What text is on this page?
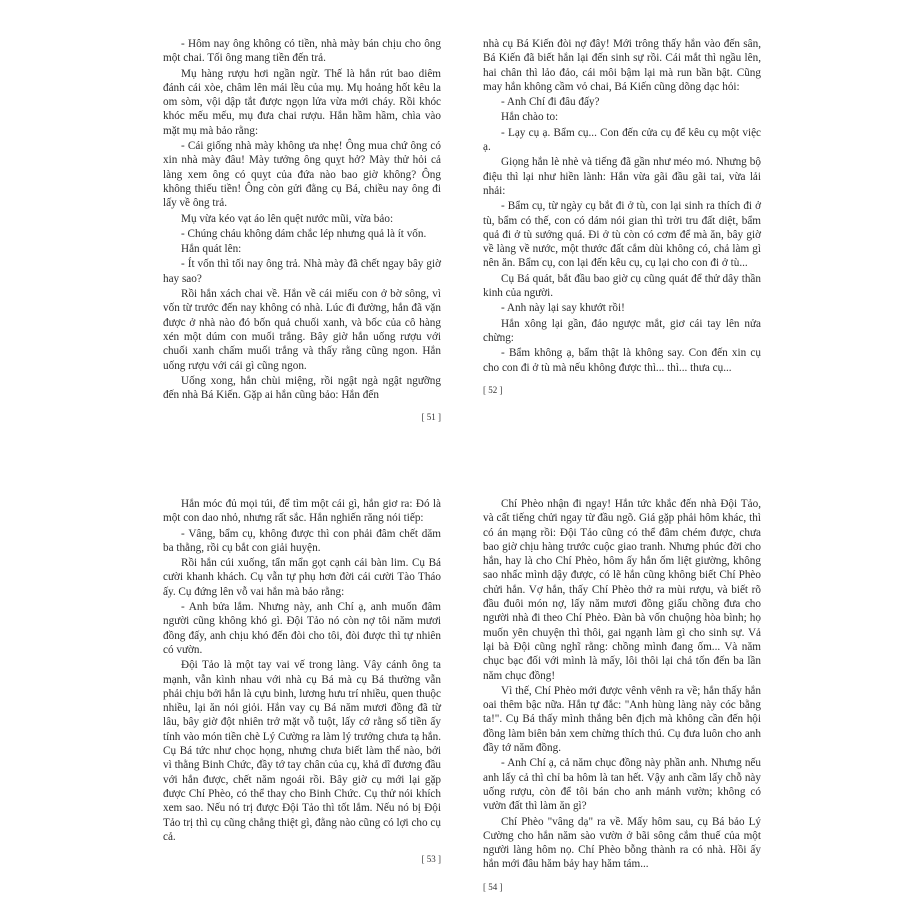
- Hôm nay ông không có tiền, nhà mày bán chịu cho ông một chai. Tối ông mang tiền đến trả.

Mụ hàng rượu hơi ngần ngừ. Thế là hắn rút bao diêm đánh cái xòe, châm lên mái lều của mụ. Mụ hoảng hốt kêu la om sòm, vội dập tắt được ngọn lửa vừa mới cháy. Rồi khóc khóc mếu mếu, mụ đưa chai rượu. Hắn hầm hầm, chìa vào mặt mụ mà bảo rằng:

- Cái giống nhà mày không ưa nhẹ! Ông mua chứ ông có xin nhà mày đâu! Mày tưởng ông quỵt hở? Mày thử hỏi cả làng xem ông có quỵt của đứa nào bao giờ không? Ông không thiếu tiền! Ông còn gửi đằng cụ Bá, chiều nay ông đi lấy về ông trả.

Mụ vừa kéo vạt áo lên quệt nước mũi, vừa bảo:

- Chúng cháu không dám chắc lép nhưng quả là ít vốn.

Hắn quát lên:

- Ít vốn thì tối nay ông trả. Nhà mày đã chết ngay bây giờ hay sao?

Rồi hắn xách chai về. Hắn về cái miếu con ở bờ sông, vì vốn từ trước đến nay không có nhà. Lúc đi đường, hắn đã vặn được ở nhà nào đó bốn quả chuối xanh, và bốc của cô hàng xén một dúm con muối trắng. Bây giờ hắn uống rượu với chuối xanh chấm muối trắng và thấy rằng cũng ngon. Hắn uống rượu với cái gì cũng ngon.

Uống xong, hắn chùi miệng, rồi ngật ngà ngật ngưỡng đến nhà Bá Kiến. Gặp ai hắn cũng bảo: Hắn đến

[ 51 ]

nhà cụ Bá Kiến đòi nợ đây! Mới trông thấy hắn vào đến sân, Bá Kiến đã biết hắn lại đến sinh sự rồi. Cái mắt thì ngầu lên, hai chân thì lảo đảo, cái môi bậm lại mà run bần bật. Cũng may hắn không cầm vỏ chai, Bá Kiến cũng dõng dạc hỏi:

- Anh Chí đi đâu đấy?

Hắn chào to:

- Lạy cụ ạ. Bẩm cụ... Con đến cửa cụ để kêu cụ một việc ạ.

Giọng hắn lè nhè và tiếng đã gần như méo mó. Nhưng bộ điệu thì lại như hiền lành: Hắn vừa gãi đầu gãi tai, vừa lải nhải:

- Bẩm cụ, từ ngày cụ bắt đi ở tù, con lại sinh ra thích đi ở tù, bẩm có thế, con có dám nói gian thì trời tru đất diệt, bẩm quả đi ở tù sướng quá. Đi ở tù còn có cơm để mà ăn, bây giờ về làng về nước, một thước đất cắm dùi không có, chả làm gì nên ăn. Bẩm cụ, con lại đến kêu cụ, cụ lại cho con đi ở tù...

Cụ Bá quát, bắt đầu bao giờ cụ cũng quát để thử dây thần kinh của người.

- Anh này lại say khướt rồi!

Hắn xông lại gần, đảo ngược mắt, giơ cái tay lên nửa chừng:

- Bẩm không ạ, bẩm thật là không say. Con đến xin cụ cho con đi ở tù mà nếu không được thì... thì... thưa cụ...

[ 52 ]

Hắn móc đủ mọi túi, để tìm một cái gì, hắn giơ ra: Đó là một con dao nhỏ, nhưng rất sắc. Hắn nghiến răng nói tiếp:

- Vâng, bẩm cụ, không được thì con phải đâm chết dăm ba thằng, rồi cụ bắt con giải huyện.

Rồi hắn cúi xuống, tẩn mẩn gọt cạnh cái bàn lim. Cụ Bá cười khanh khách. Cụ vẫn tự phụ hơn đời cái cười Tào Tháo ấy. Cụ đứng lên vỗ vai hắn mà bảo rằng:

- Anh bửa lắm. Nhưng này, anh Chí ạ, anh muốn đâm người cũng không khó gì. Đội Tảo nó còn nợ tôi năm mươi đồng đấy, anh chịu khó đến đòi cho tôi, đòi được thì tự nhiên có vườn.

Đội Tảo là một tay vai vế trong làng. Vây cánh ông ta mạnh, vẫn kình nhau với nhà cụ Bá mà cụ Bá thường vẫn phải chịu bởi hắn là cựu binh, lương hưu trí nhiều, quen thuộc nhiều, lại ăn nói giỏi. Hắn vay cụ Bá năm mươi đồng đã từ lâu, bây giờ đột nhiên trở mặt vỗ tuột, lấy cớ rằng số tiền ấy tính vào món tiền chè Lý Cường ra làm lý trưởng chưa tạ hắn. Cụ Bá tức như chọc họng, nhưng chưa biết làm thế nào, bởi vì thằng Binh Chức, đầy tớ tay chân của cụ, khả dĩ đương đầu với hắn được, chết năm ngoái rồi. Bây giờ cụ mới lại gặp được Chí Phèo, có thể thay cho Binh Chức. Cụ thử nói khích xem sao. Nếu nó trị được Đội Tảo thì tốt lắm. Nếu nó bị Đội Tảo trị thì cụ cũng chẳng thiệt gì, đằng nào cũng có lợi cho cụ cả.

[ 53 ]

Chí Phèo nhận đi ngay! Hắn tức khắc đến nhà Đội Tảo, và cất tiếng chửi ngay từ đầu ngõ. Giá gặp phải hôm khác, thì có án mạng rồi: Đội Tảo cũng có thể đâm chém được, chưa bao giờ chịu hàng trước cuộc giao tranh. Nhưng phúc đời cho hắn, hay là cho Chí Phèo, hôm ấy hắn ốm liệt giường, không sao nhấc mình dậy được, có lẽ hắn cũng không biết Chí Phèo chửi hắn. Vợ hắn, thấy Chí Phèo thở ra mùi rượu, và biết rõ đầu đuôi món nợ, lấy năm mươi đồng giấu chồng đưa cho người nhà đi theo Chí Phèo. Đàn bà vốn chuộng hòa bình; họ muốn yên chuyện thì thôi, gai ngạnh làm gì cho sinh sự. Vả lại bà Đội cũng nghĩ rằng: chồng mình đang ốm... Và năm chục bạc đối với mình là mấy, lôi thôi lại chả tốn đến ba lần năm chục đồng!

Vì thế, Chí Phèo mới được vênh vênh ra về; hắn thấy hắn oai thêm bậc nữa. Hắn tự đắc: "Anh hùng làng này cóc bằng ta!". Cụ Bá thấy mình thắng bên địch mà không cần đến hội đồng làm biên bản xem chừng thích thú. Cụ đưa luôn cho anh đầy tớ năm đồng.

- Anh Chí ạ, cả năm chục đồng này phần anh. Nhưng nếu anh lấy cả thì chỉ ba hôm là tan hết. Vậy anh cầm lấy chỗ này uống rượu, còn để tôi bán cho anh mảnh vườn; không có vườn đất thì làm ăn gì?

Chí Phèo "vâng dạ" ra về. Mấy hôm sau, cụ Bá bảo Lý Cường cho hắn năm sào vườn ở bãi sông cắm thuế của một người làng hôm nọ. Chí Phèo bỗng thành ra có nhà. Hồi ấy hắn mới đâu hăm bảy hay hăm tám...

[ 54 ]
